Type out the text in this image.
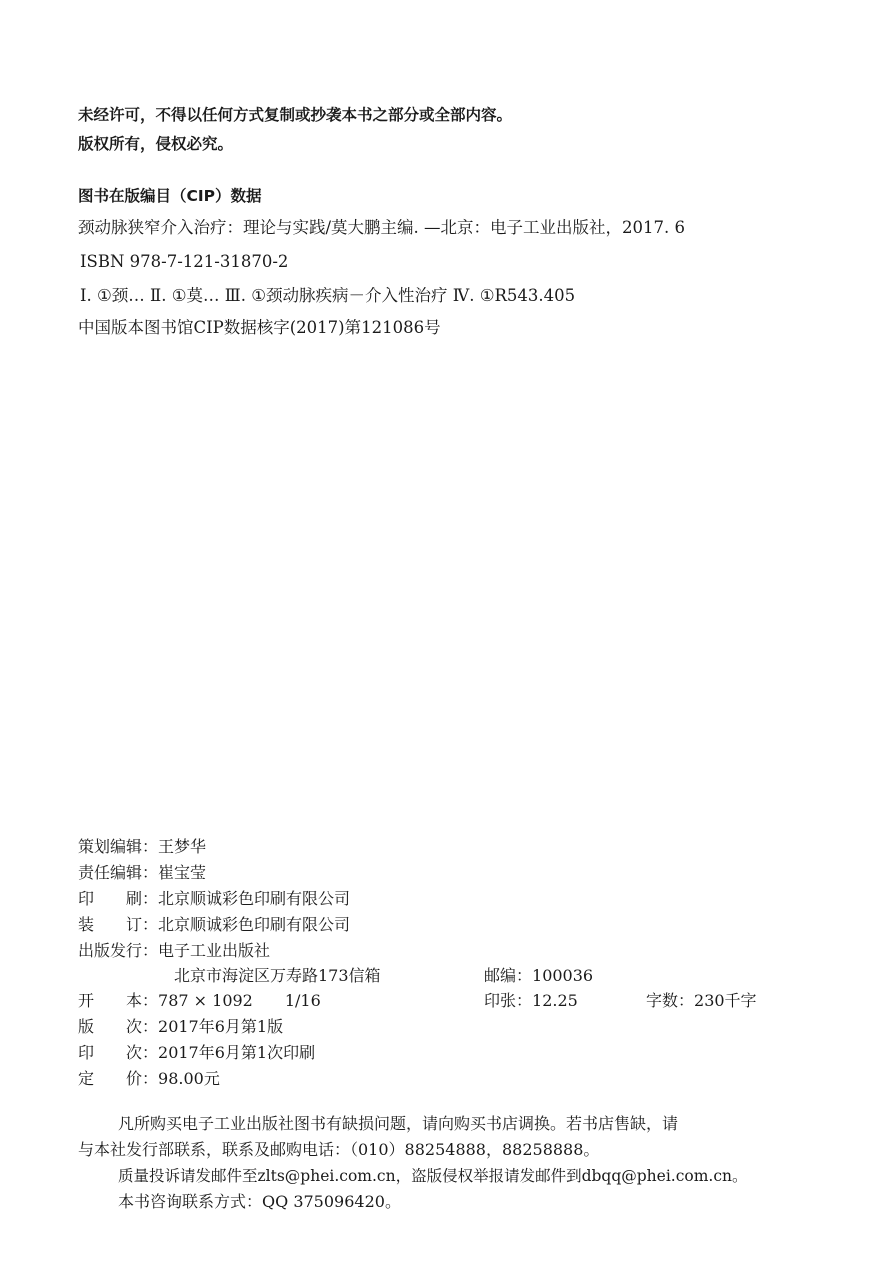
未经许可，不得以任何方式复制或抄袭本书之部分或全部内容。
版权所有，侵权必究。
图书在版编目（CIP）数据
颈动脉狭窄介入治疗：理论与实践/莫大鹏主编. —北京：电子工业出版社，2017. 6
ISBN 978-7-121-31870-2
Ⅰ. ①颈… Ⅱ. ①莫… Ⅲ. ①颈动脉疾病－介入性治疗 Ⅳ. ①R543.405
中国版本图书馆CIP数据核字(2017)第121086号
策划编辑：王梦华
责任编辑：崔宝莹
印　　刷：北京顺诚彩色印刷有限公司
装　　订：北京顺诚彩色印刷有限公司
出版发行：电子工业出版社
北京市海淀区万寿路173信箱	邮编：100036
开　　本：787 × 1092　　1/16	印张：12.25	字数：230千字
版　　次：2017年6月第1版
印　　次：2017年6月第1次印刷
定　　价：98.00元
凡所购买电子工业出版社图书有缺损问题，请向购买书店调换。若书店售缺，请
与本社发行部联系，联系及邮购电话：（010）88254888，88258888。
质量投诉请发邮件至zlts@phei.com.cn，盗版侵权举报请发邮件到dbqq@phei.com.cn。
本书咨询联系方式：QQ 375096420。
